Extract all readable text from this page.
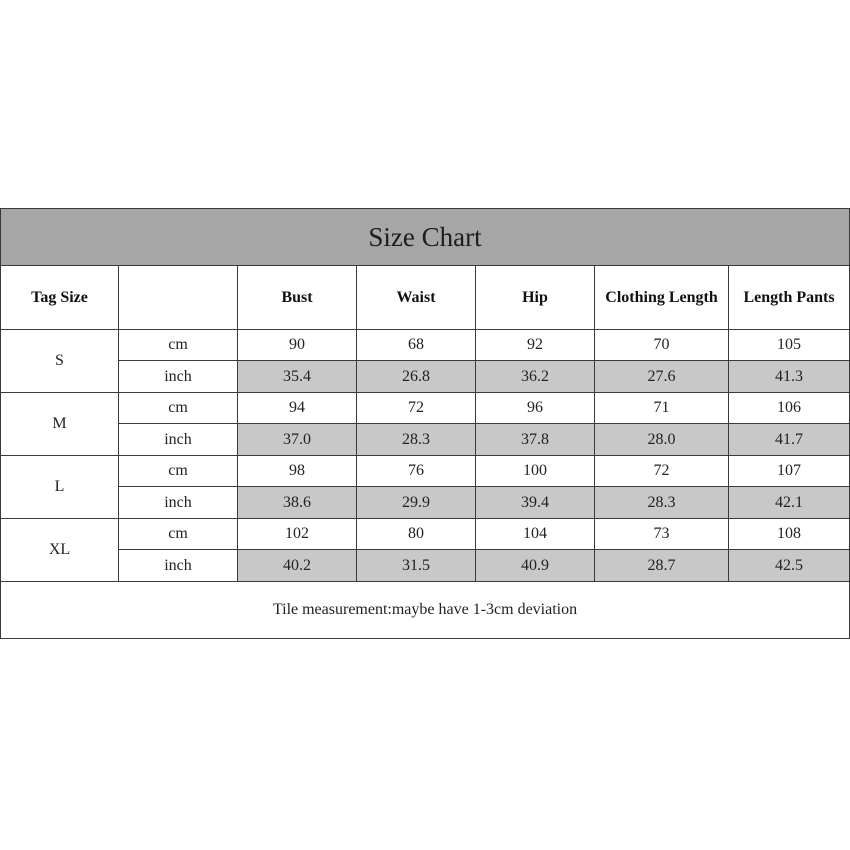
Size Chart						
Tag Size		Bust	Waist	Hip	Clothing Length	Length Pants
S	cm	90	68	92	70	105
	inch	35.4	26.8	36.2	27.6	41.3
M	cm	94	72	96	71	106
	inch	37.0	28.3	37.8	28.0	41.7
L	cm	98	76	100	72	107
	inch	38.6	29.9	39.4	28.3	42.1
XL	cm	102	80	104	73	108
	inch	40.2	31.5	40.9	28.7	42.5
Tile measurement:maybe have 1-3cm deviation						
